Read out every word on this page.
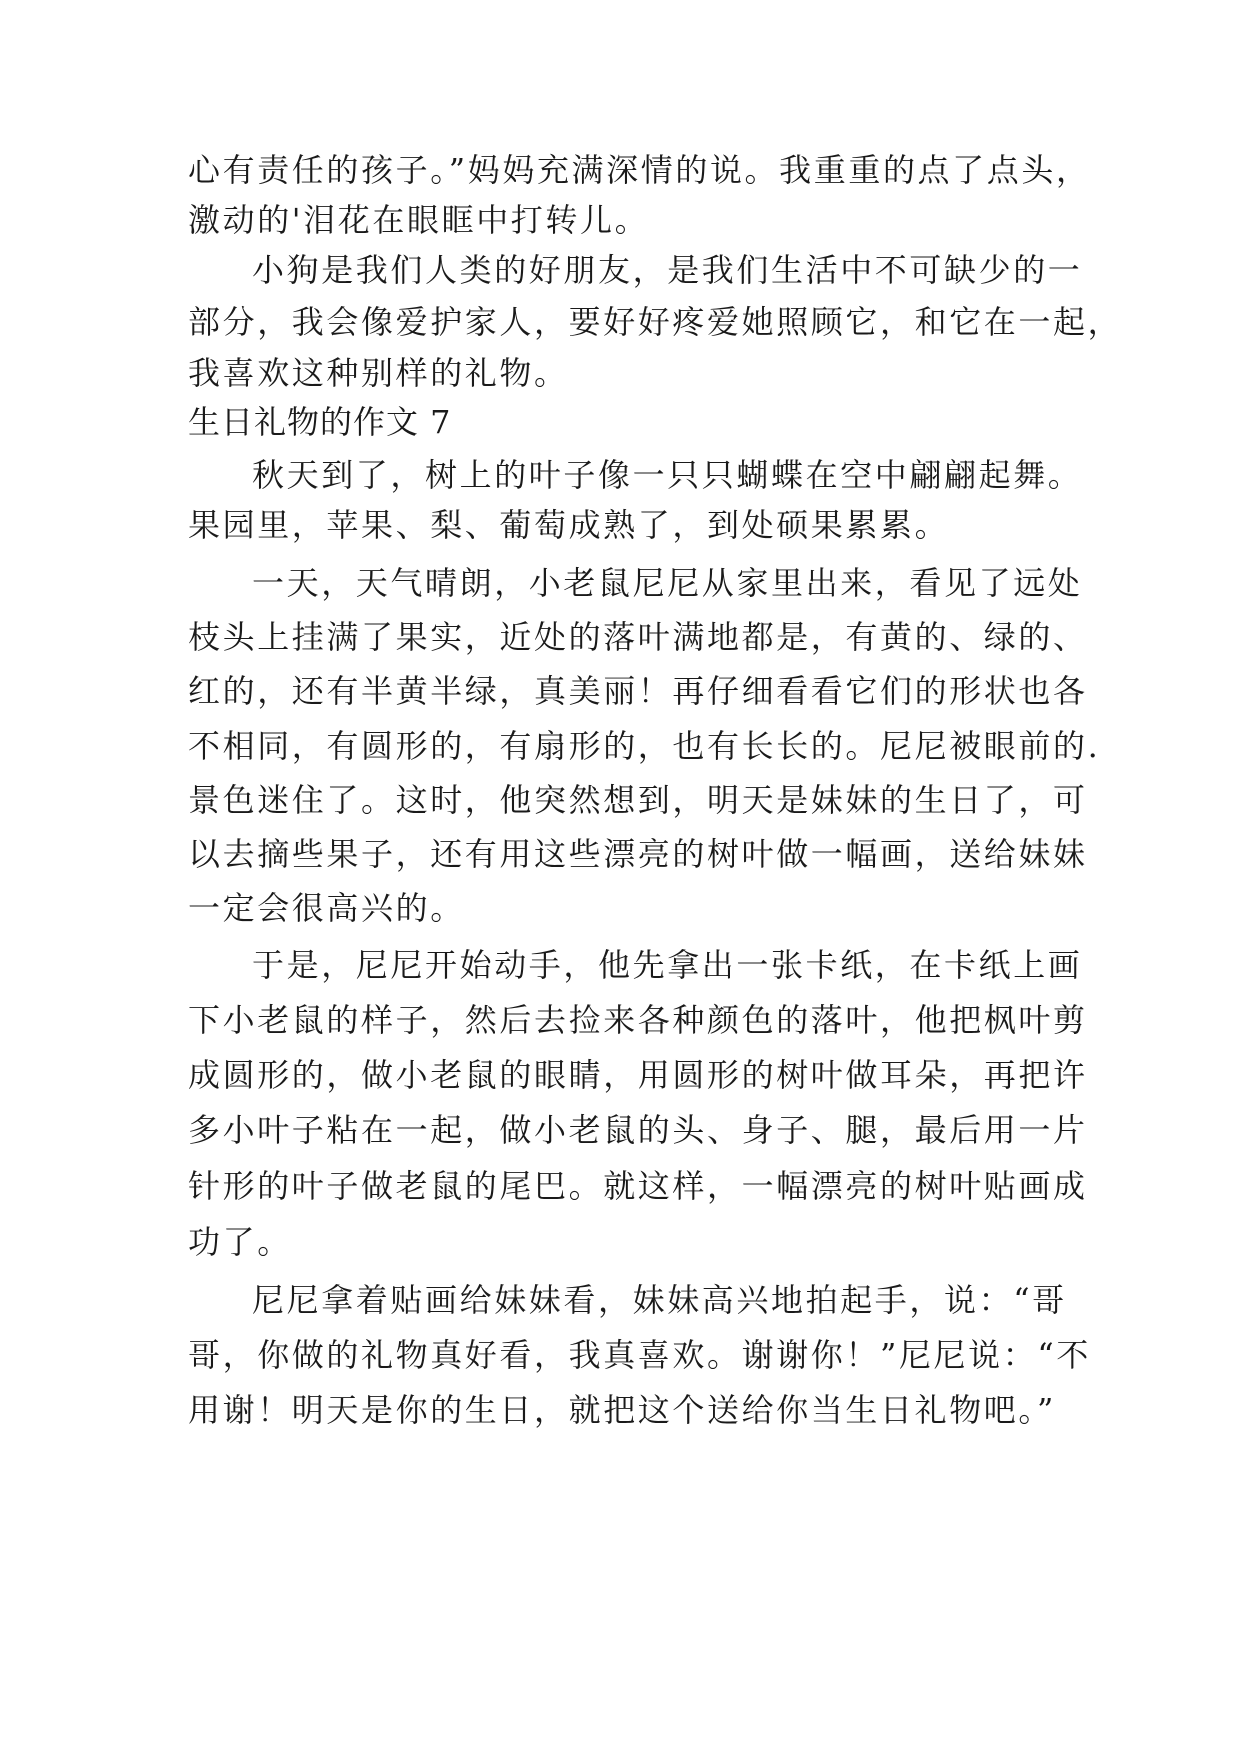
心有责任的孩子。”妈妈充满深情的说。我重重的点了点头，
激动的'泪花在眼眶中打转儿。
小狗是我们人类的好朋友，是我们生活中不可缺少的一
部分，我会像爱护家人，要好好疼爱她照顾它，和它在一起，
我喜欢这种别样的礼物。
生日礼物的作文 7
秋天到了，树上的叶子像一只只蝴蝶在空中翩翩起舞。
果园里，苹果、梨、葡萄成熟了，到处硕果累累。
一天，天气晴朗，小老鼠尼尼从家里出来，看见了远处
枝头上挂满了果实，近处的落叶满地都是，有黄的、绿的、
红的，还有半黄半绿，真美丽！再仔细看看它们的形状也各
不相同，有圆形的，有扇形的，也有长长的。尼尼被眼前的.
景色迷住了。这时，他突然想到，明天是妹妹的生日了，可
以去摘些果子，还有用这些漂亮的树叶做一幅画，送给妹妹
一定会很高兴的。
于是，尼尼开始动手，他先拿出一张卡纸，在卡纸上画
下小老鼠的样子，然后去捡来各种颜色的落叶，他把枫叶剪
成圆形的，做小老鼠的眼睛，用圆形的树叶做耳朵，再把许
多小叶子粘在一起，做小老鼠的头、身子、腿，最后用一片
针形的叶子做老鼠的尾巴。就这样，一幅漂亮的树叶贴画成
功了。
尼尼拿着贴画给妹妹看，妹妹高兴地拍起手，说：“哥
哥，你做的礼物真好看，我真喜欢。谢谢你！”尼尼说：“不
用谢！明天是你的生日，就把这个送给你当生日礼物吧。”
